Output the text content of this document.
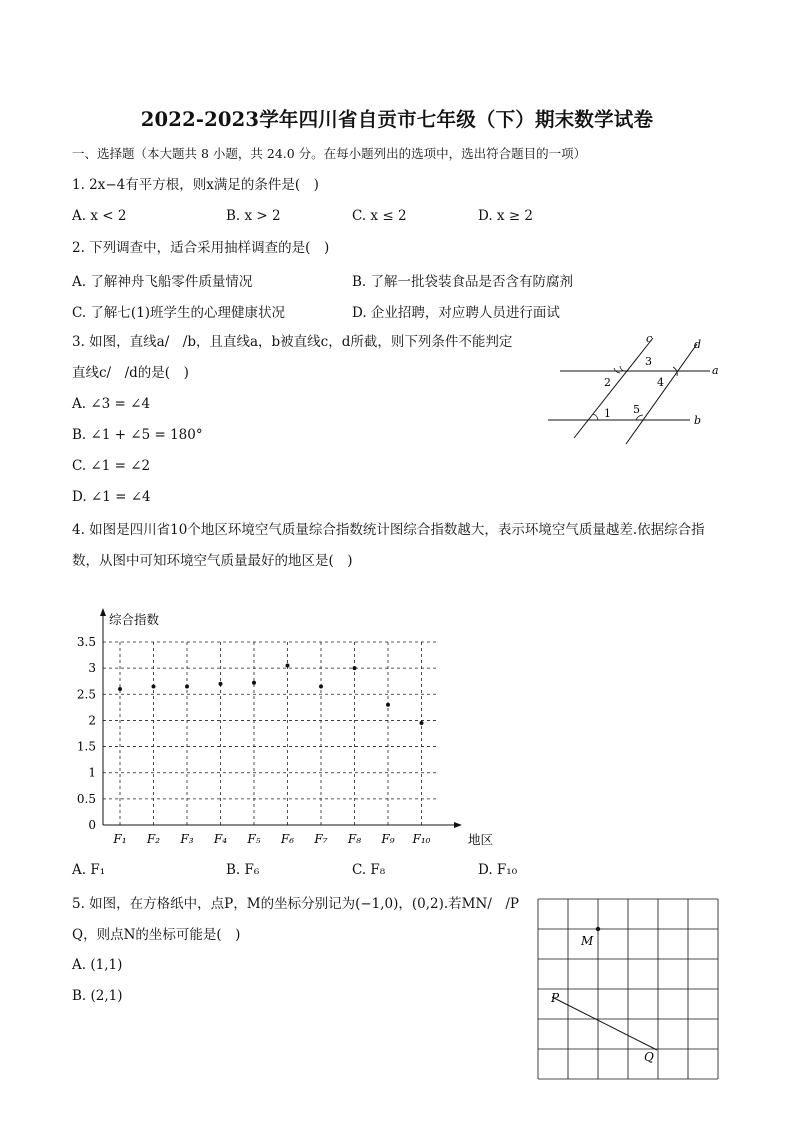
2022-2023学年四川省自贡市七年级（下）期末数学试卷
一、选择题（本大题共 8 小题，共 24.0 分。在每小题列出的选项中，选出符合题目的一项）
1. 2x−4有平方根，则x满足的条件是(　)
A. x < 2	B. x > 2	C. x ≤ 2	D. x ≥ 2
2. 下列调查中，适合采用抽样调查的是(　)
A. 了解神舟飞船零件质量情况	B. 了解一批袋装食品是否含有防腐剂
C. 了解七(1)班学生的心理健康状况	D. 企业招聘，对应聘人员进行面试
3. 如图，直线a/　/b，且直线a，b被直线c，d所截，则下列条件不能判定
直线c/　/d的是(　)
A. ∠3 = ∠4
B. ∠1 + ∠5 = 180°
C. ∠1 = ∠2
D. ∠1 = ∠4
c	d
a
b
3
2	4
1 5
4. 如图是四川省10个地区环境空气质量综合指数统计图综合指数越大，表示环境空气质量越差.依据综合指
数，从图中可知环境空气质量最好的地区是(　)
0
0.5
1
1.5
2
2.5
3
3.5
F₁ F₂ F₃ F₄ F₅ F₆ F₇ F₈ F₉ F₁₀
综合指数
地区
A. F₁	B. F₆	C. F₈	D. F₁₀
5. 如图，在方格纸中，点P，M的坐标分别记为(−1,0)，(0,2).若MN/　/P
Q，则点N的坐标可能是(　)
A. (1,1)
B. (2,1)
M
P
Q
